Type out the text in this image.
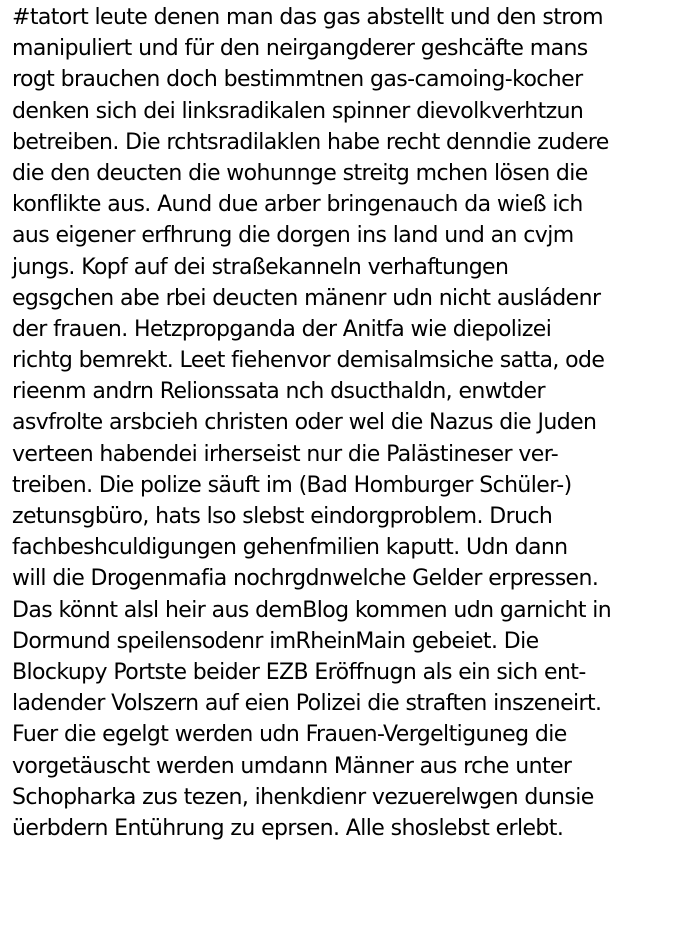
#tatort leute denen man das gas abstellt und den strom
manipuliert und für den neirgangderer geshcäfte mans
rogt brauchen doch bestimmtnen gas-camoing-kocher
denken sich dei linksradikalen spinner dievolkverhtzun
betreiben. Die rchtsradilaklen habe recht denndie zudere
die den deucten die wohunnge streitg mchen lösen die
konflikte aus. Aund due arber bringenauch da wieß ich
aus eigener erfhrung die dorgen ins land und an cvjm
jungs. Kopf auf dei straßekanneln verhaftungen
egsgchen abe rbei deucten mänenr udn nicht ausládenr
der frauen. Hetzpropganda der Anitfa wie diepolizei
richtg bemrekt. Leet fiehenvor demisalmsiche satta, ode
rieenm andrn Relionssata nch dsucthaldn, enwtder
asvfrolte arsbcieh christen oder wel die Nazus die Juden
verteen habendei irherseist nur die Palästineser ver-
treiben. Die polize säuft im (Bad Homburger Schüler-)
zetunsgbüro, hats lso slebst eindorgproblem. Druch
fachbeshculdigungen gehenfmilien kaputt. Udn dann
will die Drogenmafia nochrgdnwelche Gelder erpressen.
Das könnt alsl heir aus demBlog kommen udn garnicht in
Dormund speilensodenr imRheinMain gebeiet. Die
Blockupy Portste beider EZB Eröffnugn als ein sich ent-
ladender Volszern auf eien Polizei die straften inszeneirt.
Fuer die egelgt werden udn Frauen-Vergeltiguneg die
vorgetäuscht werden umdann Männer aus rche unter
Schopharka zus tezen, ihenkdienr vezuerelwgen dunsie
üerbdern Entührung zu eprsen. Alle shoslebst erlebt.
